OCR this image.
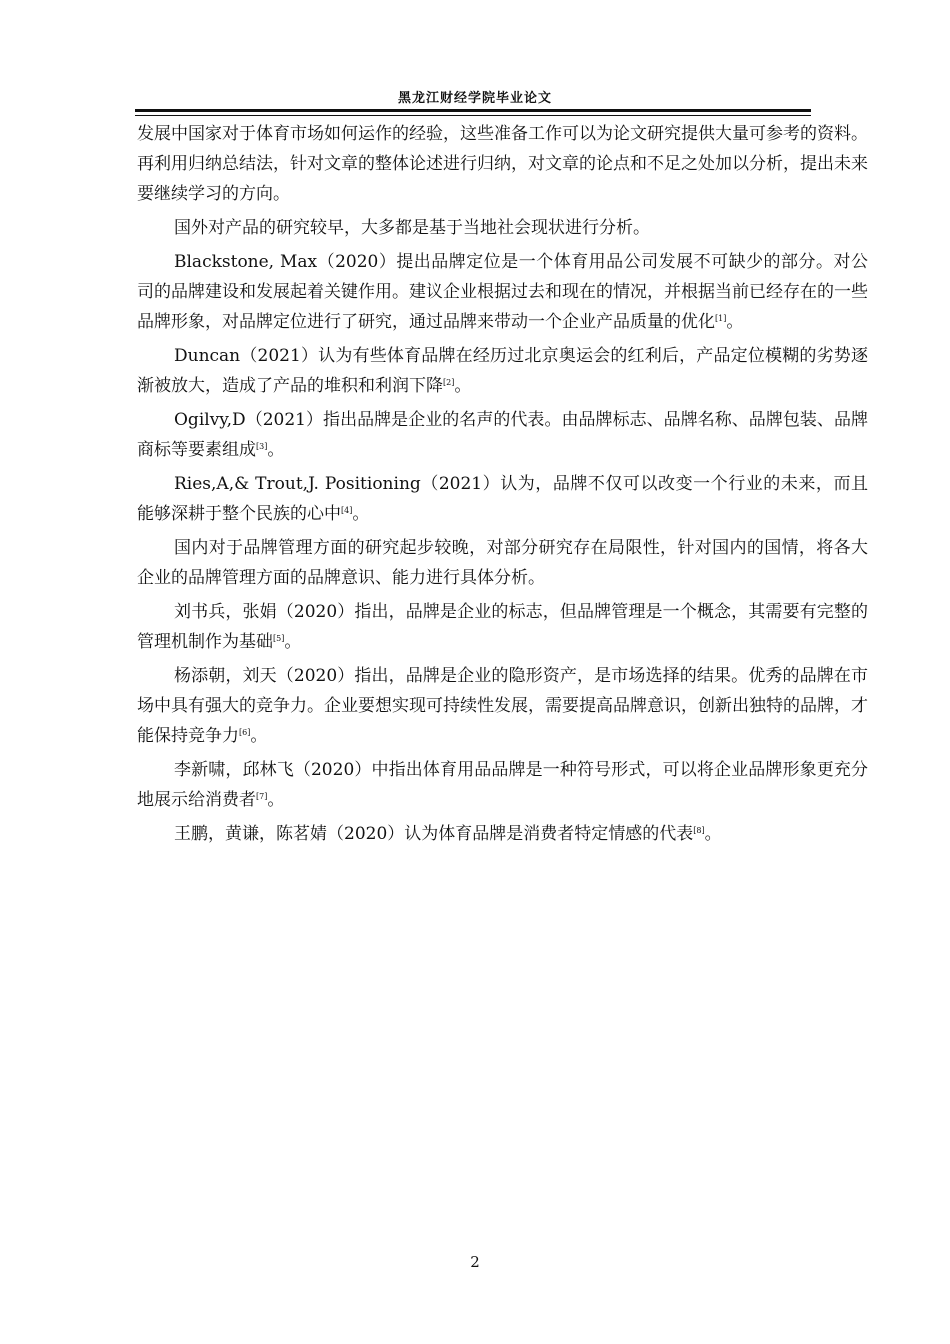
黑龙江财经学院毕业论文

发展中国家对于体育市场如何运作的经验，这些准备工作可以为论文研究提供大量可参考的资料。再利用归纳总结法，针对文章的整体论述进行归纳，对文章的论点和不足之处加以分析，提出未来要继续学习的方向。

国外对产品的研究较早，大多都是基于当地社会现状进行分析。

Blackstone, Max（2020）提出品牌定位是一个体育用品公司发展不可缺少的部分。对公司的品牌建设和发展起着关键作用。建议企业根据过去和现在的情况，并根据当前已经存在的一些品牌形象，对品牌定位进行了研究，通过品牌来带动一个企业产品质量的优化[1]。

Duncan（2021）认为有些体育品牌在经历过北京奥运会的红利后，产品定位模糊的劣势逐渐被放大，造成了产品的堆积和利润下降[2]。

Ogilvy,D（2021）指出品牌是企业的名声的代表。由品牌标志、品牌名称、品牌包装、品牌商标等要素组成[3]。

Ries,A,& Trout,J. Positioning（2021）认为，品牌不仅可以改变一个行业的未来，而且能够深耕于整个民族的心中[4]。

国内对于品牌管理方面的研究起步较晚，对部分研究存在局限性，针对国内的国情，将各大企业的品牌管理方面的品牌意识、能力进行具体分析。

刘书兵，张娟（2020）指出，品牌是企业的标志，但品牌管理是一个概念，其需要有完整的管理机制作为基础[5]。

杨添朝，刘天（2020）指出，品牌是企业的隐形资产，是市场选择的结果。优秀的品牌在市场中具有强大的竞争力。企业要想实现可持续性发展，需要提高品牌意识，创新出独特的品牌，才能保持竞争力[6]。

李新啸，邱林飞（2020）中指出体育用品品牌是一种符号形式，可以将企业品牌形象更充分地展示给消费者[7]。

王鹏，黄谦，陈茗婧（2020）认为体育品牌是消费者特定情感的代表[8]。

2
